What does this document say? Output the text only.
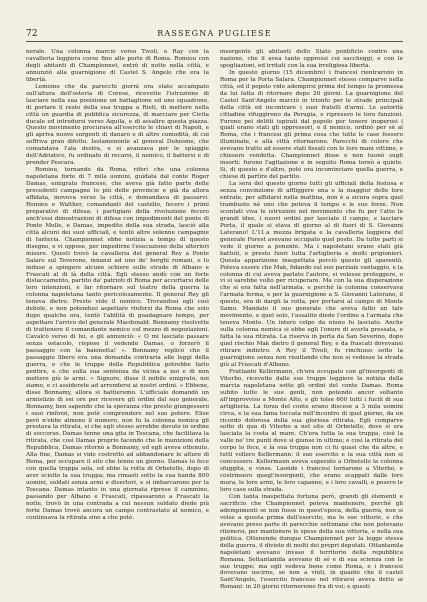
72	RASSEGNA PUGLIESE

nerale. Una colonna marciò verso Tivoli, e Ray con la cavalleria leggiera corse fino alle porte di Roma. Romiou con degli abitanti di Championnet, entrò di notte nella città, e annunziò alla guarnigione di Castel S. Angelo che era la libertà.

Lemoine che da parecchi giorni era stato accampato sull'altura dell'osteria di Corese, ricevette l'istruzione di lasciare nella sua posizione un battaglione ed uno squadrone, di portare il resto della sua truppa a Rieti, di mettere nella città un guardia di pubblica sicurezza, di marciare per Civita ducale ed introdursi verso Aquila, e di assalire questa piazza. Questo movimento procurava all'esercito le chiavi di Napoli, e gli apriva nuove sorgenti di danaro e di altre comodità, di cui soffriva gran difetto. Isolamenonte al general Duhesme, che comandava l'ala destra, e si avanzava per le spiaggie dell'Adriatico, fu ordinato di recarsi, il nemico, il battersi e di prender Pescara.

Romiou, tornando da Roma, riferì che una colonna napoletana forte di 7 mila uomini, guidata dal conte Roger Damas, emigrato francese, che aveva già fatto parte delle precedenti campagne lo più delle provincie e già da allora affidata, moveva verso la città, e domandava di passarvi. Romieu e Walther, comandanti del castello, fecero i primi preparativi di difesa; i partigiani della rivoluzione fecero anch'essi dimostrazioni di difesa con impedimenti del ponte di Ponte Molle, e Damas, impedito della sua strada, lasciò alla città alcuni dei suoi ufficiali, e tentò altre solenne campagnie di fanteria. Championnet ebbe notizia a tempo di questo disegno, e vi oppose, per impedirne l'esecuzione delle ulteriori misure. Questi trovò la cavalleria del general Rey a Ponte Salaro sul Teverone, innanzi ad uno de' borghi romani, e lo induse a spingere alcune schiere sulle strade di Albano e Frascati al di là della città. Egli stesso andò con un forte distaccamento, partito da' patrioti di Roma per accertarsi delle loro intenzioni, e far ritornare sul teatro della guerra la colonna napoletana tanto pericolosamente. Il general Rey gli teneva dietro. Presto vide il nemico. Trovandosi egli così debole, e non potendosi aspettare rinforzi da Roma che solo dopo qualche ora, tentò l'abilità di guadagnare tempo, per aspettare l'arrivo del generale Macdonald. Bonnamy risolvette di trattenere il comandante nemico col mezzo di negoziazioni. Cavalcò verso di lui, e gli annunciò: « O mi lasciate passare senza ostacolo, rispose il vedendo Damas, o forzerò il passaggio con la baionetta! ». Bonnamy replicò che il passaggio libero era una domanda contraria alle leggi della guerra, e che le truppe della Repubblica potrebbe farlo pentire, e che sulla sua sentenza da vicina a noi e di non mettere giù le armi. « Signore, disse il nobile emigrato, noi siamo, e ci assiderete ad arrendersi ai nostri ordini. » Ebbene, disse Bonnamy, allora si battieremo. L'ufficiale domandò un armistizio di sei ore per ricevere gli ordini dal suo generale. Bonnamy, ben sapendo che la speranza che presto giungessero i suoi rinforzi, non potè comprendere nel suo potere. Elise però n'ebbe almeno il numero, non fu la colonna nemica gli prestava la ritirata, si che egli stesso avrebbe dovuto in ordine di soccorso. Damas tenne una gita in Toscana, che facilitava la ritirata, che così Damas proprio facendo che le munizioni della Repubblica, Damas ritornò a Bonnamy, ed egli aveva ottenuto. Alla fine, Damas si vide costretto ad abbandonare le alture di Roma, per occupare il sito che tenne un giorno. Damas lo fece con quella truppa sola, ed ebbe la rotta di Orbetello, dopo di aver sciolto la sua truppa; ma rimasti sotto la sua banda 800 uomini, soldati senza armi e disertori, e si imbarcarono per la Toscana. Damas intanto in una giornata riprese il cammino, passando per Albano e Frascati, ripassarono a Frascati la notte, trovò in una contrada a cui nessun soldato diede più forte Damas trovò ancora un campo contrastato al nemico, e continuava la ritirata sino a che potè.

insorgente gli abitanti dello Stato pontificio contro una nazione, che il avea tanto oppressi coi saccheggi, e con le spogliazioni, ed irritati con la sua irreligiosa libertà.

In questo giorno (15 dicembre) i francesi rientrarono in Roma per la Porta Salara. Championnet stesso comparve nella città, ed il popolo vide adempirsi prima del tempo la promessa da lui fatta di ritornare dopo 20 giorni. La guarnigione del Castel Sant'Angelo marciò in trionfo per le strade principali della città ed incontrare i suoi fratelli d'armi. Le autorità cittadine rifuggirono da Perugia, e ripresero le loro funzioni. Furono pei delitti ispirati dal popolo per tenere inoperosi i quali erano stati gli oppressori, e il nemico, ordinò per sé al Roma, che i francesi gli prima cosa che tutte le case fossero illuminate, e alla città ritornarono. Parecchi di coloro che avevano tratto ad essere stati fissati con le loro mani vittime, e chiesero vendetta. Championnet disse e non tuonò sugli insorti: furono l'agitazione e in seguito Roma tornò a quiete. Si, di questo e d'altro, poté ora incominciare quella guerra, e chiese di partire del partito.

La sera del questo giorno tutti gli ufficiali della festosa e senza convinzione di affliggere una e la maggior delle loro entrate, per affidarsi nella mattina, non è a sicura sopra quel trambusto né uno che poteva il tempo e le sue forze. Non scontati viva le istruzioni nel movimento che fu per l'atto le grandi idee, i nuovi ordini per lasciate il campo, e lasciare Porta, il quale si stava di giorno al di fuori di S. Giovanni Laterano! L'11.a mezza brigata e la cavalleria leggiera del generale Forest avevano occupato quel posto. Da tutte parti si vede il giorno a ponente. Ma i napoletani erano stati già battuti, e presto fuori tutta l'artiglieria e molti prigionieri. Questa apparizione inaspettata perciò questo gli spaventò. Poteva essere che Mak, fidando sul suo parziale vantaggio, e la colonna di cui aveva parlato l'autore, si volesse proteggere, o vi si sarebbe volto per ricuperare. Ma con la sua disperazione che si era fatta nell'armata, e perché la colonna conservava l'armata ferma, e per la guarnigione a S. Giovanni Laterano, il questo, era di dargli la rotta, per portarsi al campo di Monte Samo. Mandato il suo generale che aveva fatto un tale movimento, e quel solo, l'assalito diede l'ordine a l'armata che teneva Monte. Un intero colpo da niuno fu lasciato. Anche sulla colonna nemica si ebbe egli l'onore di averla pressata, e fatta la sua ritirata. La riserva in porta da San Severino, dopo quel rischio Mak dietro il general Rey, e da frascati dovevansi ritirare indietro. A Rey il Tivoli, fu rinchiuso sotto la guarnigione sonza non risultando che non si vedesse la strada giù al Frascati d'Albano.

Frattanto Kellermann, ch'era occupato con gl'insorgenti di Viterbo, ricevette dalle sue truppe leggiere la notizia della marcia napoletana sotto gli ordini del conte Damas. Roma subito tutte le sue genti, non potendo ancor soltanto all'improvviso a Monte Alto, e gli tolse 600 tutti i fucili di sua artiglieria. La forza del conte erano discese a 3 mila uomini circa, e la sua fama toccata nell'incontro di quel giorno, da un ricordo dolorosa della sua gloriosa ritirata. Egli comparve sotto di qua di Viterbo a nel sito di Orbetello, dove si era lasciata la costa al mare. Ch'era tutta la sua truppa, cioè la valle ne' tre punti dove si giunse in ultimo; e così la ritirata del corpo lo fece, e la sua truppa non ci fu quasi che da altre, e tutti vollero Kellermann: il suo esercito e la sua città non si concessero. Kellermann aveva superato a Orbetello la colonna sfuggita, e vinse. Laonde i francesi tornarono a Viterbo, e costrinsero quegl'insorgenti, che erano scappati dalle loro mura, le loro armi, le loro capanne, e i loro cavalli, e posero le loro case sulla strada.

Con tanta inaspettata fortuna però, grandi gli elementi e sacrificio che Championnet poteva mantenere, perché gli adempimenti se non fosse in quest'epoca, della guerra, non si volse a questa prima dell'esercito, ma le sue vittorie, e che avevano preso parte di parecchie settimane che non potevano ritenersi, per mantenere le spese della sua vittoria, e nella sua politica. Ottenendo dunque Championnet per la legge stessa della guerra, il divieto di molti dei propri deputati. Ottantamila napoletani avevano invaso il territorio della repubblica Romana. Settantamila avevano di sé e di sua scienza con le sue truppe; ma egli vedeva bene come Roma, e i francesi dovevano uscirne, se non a vinti, in quanto che il castel Sant'Angelo, l'esercito francese nel ritirarsi aveva detto ai Romani: in 20 giorni ritorneremo fra di voi; e questi
